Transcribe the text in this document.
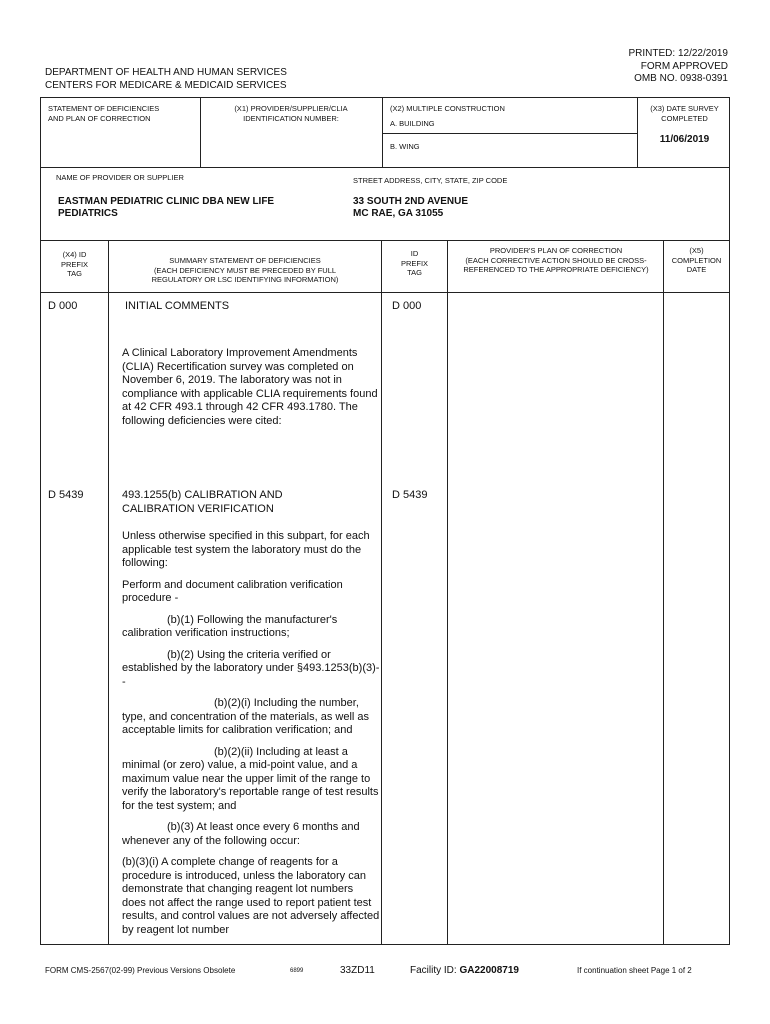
PRINTED: 12/22/2019
FORM APPROVED
OMB NO. 0938-0391
DEPARTMENT OF HEALTH AND HUMAN SERVICES
CENTERS FOR MEDICARE & MEDICAID SERVICES
STATEMENT OF DEFICIENCIES
AND PLAN OF CORRECTION
(X1) PROVIDER/SUPPLIER/CLIA
IDENTIFICATION NUMBER:
(X2) MULTIPLE CONSTRUCTION
A. BUILDING
B. WING
(X3) DATE SURVEY
COMPLETED
11/06/2019
NAME OF PROVIDER OR SUPPLIER
EASTMAN PEDIATRIC CLINIC DBA NEW LIFE
PEDIATRICS
STREET ADDRESS, CITY, STATE, ZIP CODE
33 SOUTH 2ND AVENUE
MC RAE, GA 31055
(X4) ID
PREFIX
TAG
SUMMARY STATEMENT OF DEFICIENCIES
(EACH DEFICIENCY MUST BE PRECEDED BY FULL
REGULATORY OR LSC IDENTIFYING INFORMATION)
ID
PREFIX
TAG
PROVIDER'S PLAN OF CORRECTION
(EACH CORRECTIVE ACTION SHOULD BE CROSS-
REFERENCED TO THE APPROPRIATE DEFICIENCY)
(X5)
COMPLETION
DATE
D 000	INITIAL COMMENTS	D 000
A Clinical Laboratory Improvement Amendments (CLIA) Recertification survey was completed on November 6, 2019. The laboratory was not in compliance with applicable CLIA requirements found at 42 CFR 493.1 through 42 CFR 493.1780. The following deficiencies were cited:
D 5439	493.1255(b) CALIBRATION AND
CALIBRATION VERIFICATION
D 5439

Unless otherwise specified in this subpart, for each applicable test system the laboratory must do the following:

Perform and document calibration verification procedure -

(b)(1) Following the manufacturer's calibration verification instructions;

(b)(2) Using the criteria verified or established by the laboratory under §493.1253(b)(3)--

(b)(2)(i) Including the number, type, and concentration of the materials, as well as acceptable limits for calibration verification; and

(b)(2)(ii) Including at least a minimal (or zero) value, a mid-point value, and a maximum value near the upper limit of the range to verify the laboratory's reportable range of test results for the test system; and

(b)(3) At least once every 6 months and whenever any of the following occur:

(b)(3)(i) A complete change of reagents for a procedure is introduced, unless the laboratory can demonstrate that changing reagent lot numbers does not affect the range used to report patient test results, and control values are not adversely affected by reagent lot number

FORM CMS-2567(02-99) Previous Versions Obsolete	6899	33ZD11	Facility ID: GA22008719	If continuation sheet Page 1 of 2
